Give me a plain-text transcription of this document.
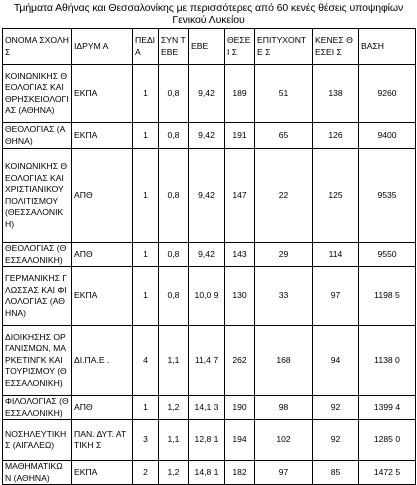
Τμήματα Αθήνας και Θεσσαλονίκης με περισσότερες από 60 κενές θέσεις υποψηφίων Γενικού Λυκείου
ΟΝΟΜΑ ΣΧΟΛΗΣ	ΙΔΡΥΜ Α	ΠΕΔΙ Α	ΣΥΝ Τ ΕΒΕ	ΕΒΕ	ΘΕΣΕΙ Σ	ΕΠΙΤΥΧΟΝΤΕ Σ	ΚΕΝΕΣ ΘΕΣΕΙ Σ	ΒΑΣΗ
ΚΟΙΝΩΝΙΚΗΣ ΘΕΟΛΟΓΙΑΣ ΚΑΙ ΘΡΗΣΚΕΙΟΛΟΓΙ ΑΣ (ΑΘΗΝΑ)	ΕΚΠΑ	1	0,8	9,42	189	51	138	9260
ΘΕΟΛΟΓΙΑΣ (ΑΘΗΝΑ)	ΕΚΠΑ	1	0,8	9,42	191	65	126	9400
ΚΟΙΝΩΝΙΚΗΣ ΘΕΟΛΟΓΙΑΣ ΚΑΙ ΧΡΙΣΤΙΑΝΙΚΟΥ ΠΟΛΙΤΙΣΜΟΥ (ΘΕΣΣΑΛΟΝΙΚΗ)	ΑΠΘ	1	0,8	9,42	147	22	125	9535
ΘΕΟΛΟΓΙΑΣ (ΘΕΣΣΑΛΟΝΙΚΗ)	ΑΠΘ	1	0,8	9,42	143	29	114	9550
ΓΕΡΜΑΝΙΚΗΣ ΓΛΩΣΣΑΣ ΚΑΙ ΦΙΛΟΛΟΓΙΑΣ (ΑΘΗΝΑ)	ΕΚΠΑ	1	0,8	10,0 9	130	33	97	1198 5
ΔΙΟΙΚΗΣΗΣ ΟΡΓΑΝΙΣΜΩΝ, ΜΑΡΚΕΤΙΝΓΚ ΚΑΙ ΤΟΥΡΙΣΜΟΥ (ΘΕΣΣΑΛΟΝΙΚΗ)	ΔΙ.ΠΑ.Ε .	4	1,1	11,4 7	262	168	94	1138 0
ΦΙΛΟΛΟΓΙΑΣ (ΘΕΣΣΑΛΟΝΙΚΗ)	ΑΠΘ	1	1,2	14,1 3	190	98	92	1399 4
ΝΟΣΗΛΕΥΤΙΚΗΣ (ΑΙΓΑΛΕΩ)	ΠΑΝ. ΔΥΤ. ΑΤΤΙΚΗ Σ	3	1,1	12,8 1	194	102	92	1285 0
ΜΑΘΗΜΑΤΙΚΩ Ν (ΑΘΗΝΑ)	ΕΚΠΑ	2	1,2	14,8 1	182	97	85	1472 5
